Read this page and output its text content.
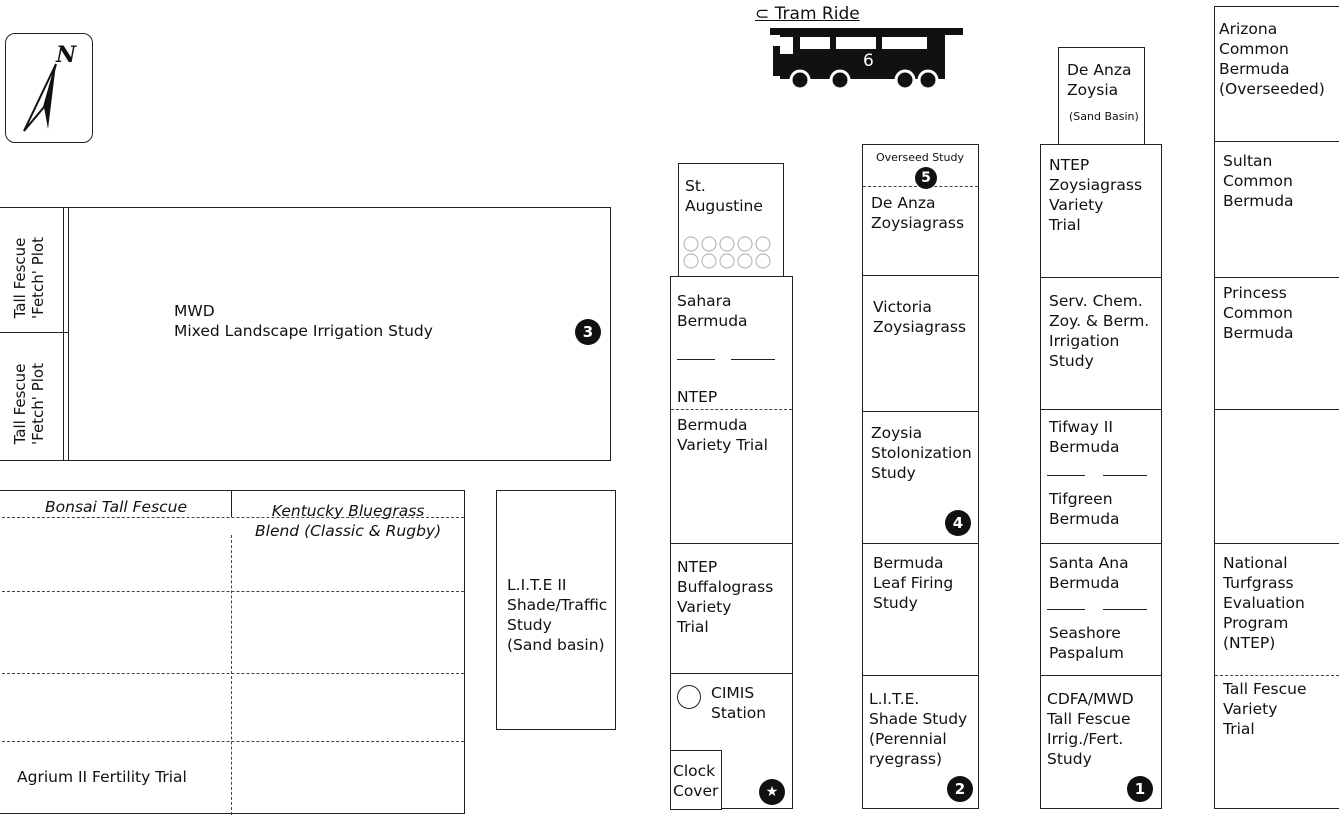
⊂ Tram Ride
6
N
Tall Fescue
'Fetch' Plot
Tall Fescue
'Fetch' Plot
MWD
Mixed Landscape Irrigation Study	3
Bonsai Tall Fescue	Kentucky Bluegrass
Blend (Classic & Rugby)
Agrium II Fertility Trial
L.I.T.E II
Shade/Traffic
Study
(Sand basin)
St.
Augustine
Sahara
Bermuda
NTEP
Bermuda
Variety Trial
NTEP
Buffalograss
Variety
Trial
CIMIS
Station
Clock
Cover	★
Overseed Study
5
De Anza
Zoysiagrass
Victoria
Zoysiagrass
Zoysia
Stolonization
Study
4
Bermuda
Leaf Firing
Study
L.I.T.E.
Shade Study
(Perennial
ryegrass)
2
De Anza
Zoysia
(Sand Basin)
NTEP
Zoysiagrass
Variety
Trial
Serv. Chem.
Zoy. & Berm.
Irrigation
Study
Tifway II
Bermuda
Tifgreen
Bermuda
Santa Ana
Bermuda
Seashore
Paspalum
CDFA/MWD
Tall Fescue
Irrig./Fert.
Study
1
Arizona
Common
Bermuda
(Overseeded)
Sultan
Common
Bermuda
Princess
Common
Bermuda
National
Turfgrass
Evaluation
Program
(NTEP)
Tall Fescue
Variety
Trial
